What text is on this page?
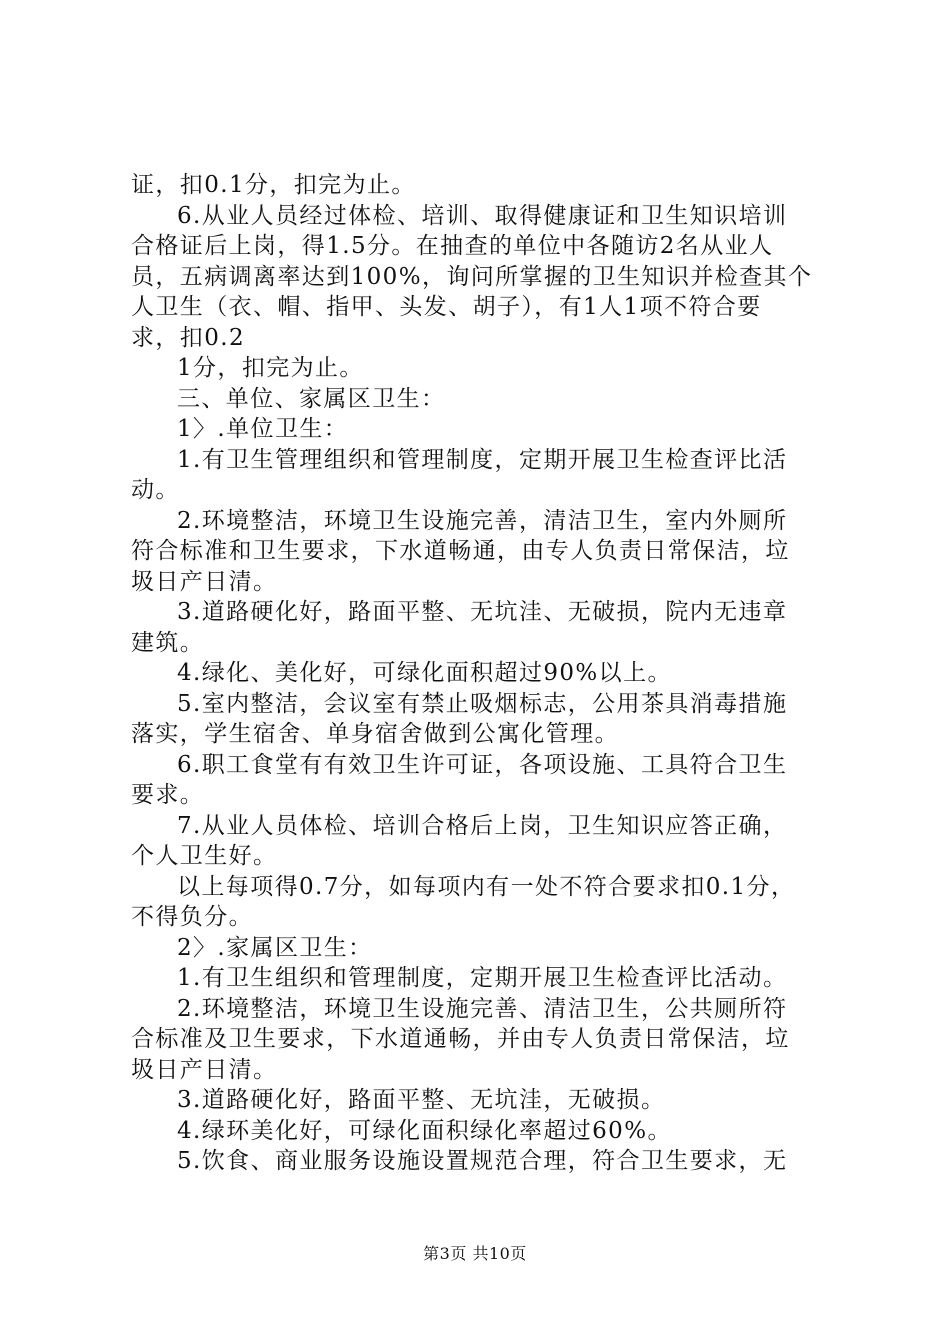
证，扣0.1分，扣完为止。
6.从业人员经过体检、培训、取得健康证和卫生知识培训
合格证后上岗，得1.5分。在抽查的单位中各随访2名从业人
员，五病调离率达到100%，询问所掌握的卫生知识并检查其个
人卫生（衣、帽、指甲、头发、胡子），有1人1项不符合要
求，扣0.2
1分，扣完为止。
三、单位、家属区卫生：
1〉.单位卫生：
1.有卫生管理组织和管理制度，定期开展卫生检查评比活
动。
2.环境整洁，环境卫生设施完善，清洁卫生，室内外厕所
符合标准和卫生要求，下水道畅通，由专人负责日常保洁，垃
圾日产日清。
3.道路硬化好，路面平整、无坑洼、无破损，院内无违章
建筑。
4.绿化、美化好，可绿化面积超过90%以上。
5.室内整洁，会议室有禁止吸烟标志，公用茶具消毒措施
落实，学生宿舍、单身宿舍做到公寓化管理。
6.职工食堂有有效卫生许可证，各项设施、工具符合卫生
要求。
7.从业人员体检、培训合格后上岗，卫生知识应答正确，
个人卫生好。
以上每项得0.7分，如每项内有一处不符合要求扣0.1分，
不得负分。
2〉.家属区卫生：
1.有卫生组织和管理制度，定期开展卫生检查评比活动。
2.环境整洁，环境卫生设施完善、清洁卫生，公共厕所符
合标准及卫生要求，下水道通畅，并由专人负责日常保洁，垃
圾日产日清。
3.道路硬化好，路面平整、无坑洼，无破损。
4.绿环美化好，可绿化面积绿化率超过60%。
5.饮食、商业服务设施设置规范合理，符合卫生要求，无
第3页 共10页
